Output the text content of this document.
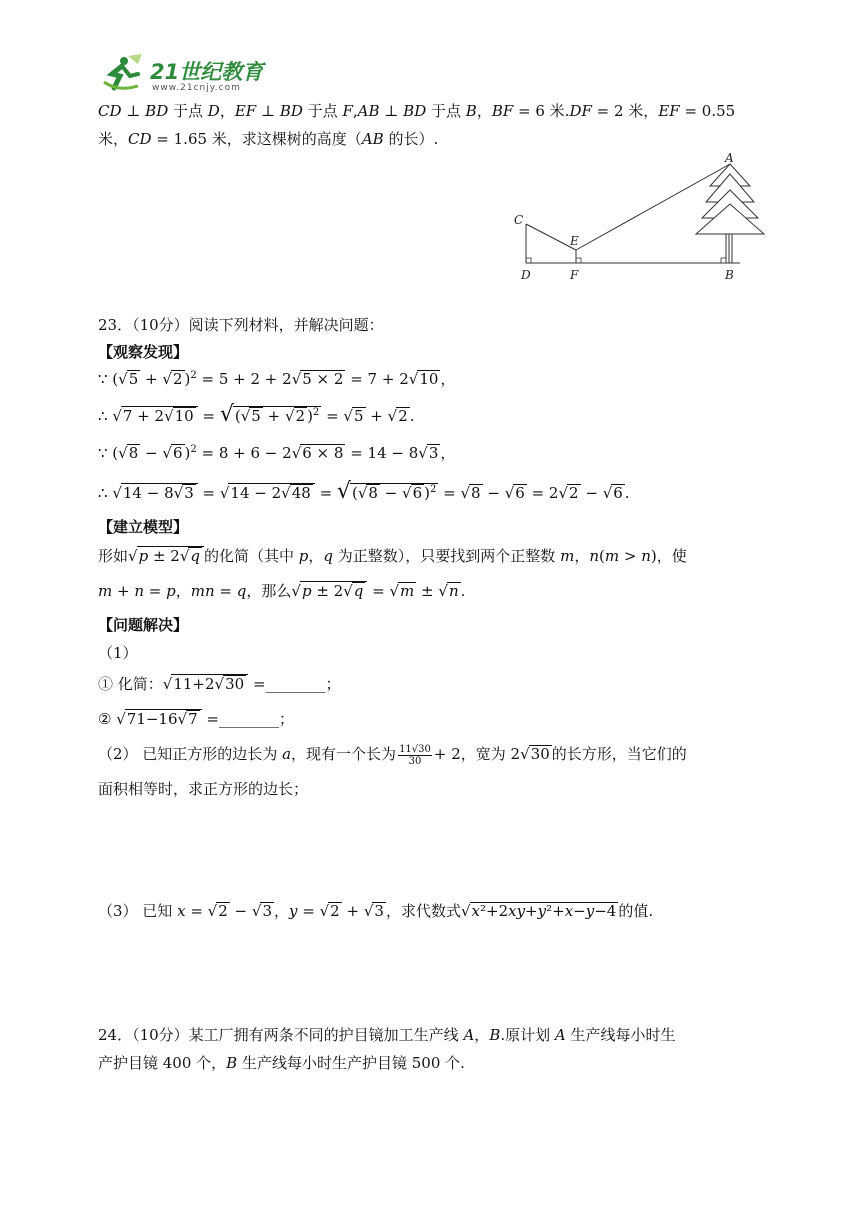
21世纪教育
www.21cnjy.com
CD ⊥ BD 于点 D，EF ⊥ BD 于点 F,AB ⊥ BD 于点 B，BF = 6 米.DF = 2 米，EF = 0.55
米，CD = 1.65 米，求这棵树的高度（AB 的长）.
A
C
E
D	F	B
23．（10分）阅读下列材料，并解决问题：
【观察发现】
∵ (√5 + √2 )$^2$ = 5 + 2 + 2√5 × 2 = 7 + 2√10 ，
∴ √7 + 2√10 = √(√5 + √2 )$^2$ = √5 + √2 .
∵ (√8 − √6 )$^2$ = 8 + 6 − 2√6 × 8 = 14 − 8√3 ，
∴ √14 − 8√3 = √14 − 2√48 = √(√8 − √6 )$^2$ = √8 − √6 = 2√2 − √6 .
【建立模型】
形如√p ± 2√q 的化简（其中 p，q 为正整数），只要找到两个正整数 m，n(m > n)，使
m + n = p，mn = q，那么√p ± 2√q = √m ± √n .
【问题解决】
（1）
① 化简：√11+2√30 =________；
② √71−16√7 =________；
（2） 已知正方形的边长为 a，现有一个长为 $\frac{11√30}{30} + 2$，宽为 2√30 的长方形，当它们的
面积相等时，求正方形的边长；
（3） 已知 x = √2 − √3 ，y = √2 + √3 ，求代数式√x²+2xy+y²+x−y−4 的值.
24．（10分）某工厂拥有两条不同的护目镜加工生产线 A，B.原计划 A 生产线每小时生
产护目镜 400 个，B 生产线每小时生产护目镜 500 个.
